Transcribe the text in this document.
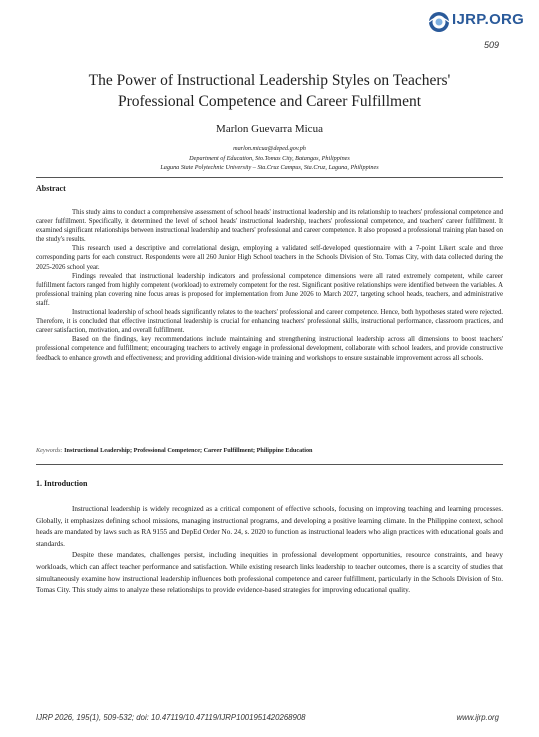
IJRP.ORG
509
The Power of Instructional Leadership Styles on Teachers'
Professional Competence and Career Fulfillment
Marlon Guevarra Micua
marlon.micua@deped.gov.ph
Department of Education, Sto.Tomas City, Batangas, Philippines
Laguna State Polytechnic University – Sta.Cruz Campus, Sta.Cruz, Laguna, Philippines
Abstract

This study aims to conduct a comprehensive assessment of school heads' instructional leadership and its relationship to teachers' professional competence and career fulfillment. Specifically, it determined the level of school heads' instructional leadership, teachers' professional competence, and teachers' career fulfillment. It examined significant relationships between instructional leadership and teachers' professional and career competence. It also proposed a professional training plan based on the study's results.

This research used a descriptive and correlational design, employing a validated self-developed questionnaire with a 7-point Likert scale and three corresponding parts for each construct. Respondents were all 260 Junior High School teachers in the Schools Division of Sto. Tomas City, with data collected during the 2025-2026 school year.

Findings revealed that instructional leadership indicators and professional competence dimensions were all rated extremely competent, while career fulfillment factors ranged from highly competent (workload) to extremely competent for the rest. Significant positive relationships were identified between the variables. A professional training plan covering nine focus areas is proposed for implementation from June 2026 to March 2027, targeting school heads, teachers, and administrative staff.

Instructional leadership of school heads significantly relates to the teachers' professional and career competence. Hence, both hypotheses stated were rejected. Therefore, it is concluded that effective instructional leadership is crucial for enhancing teachers' professional skills, instructional performance, classroom practices, and career satisfaction, motivation, and overall fulfillment.

Based on the findings, key recommendations include maintaining and strengthening instructional leadership across all dimensions to boost teachers' professional competence and fulfillment; encouraging teachers to actively engage in professional development, collaborate with school leaders, and provide constructive feedback to enhance growth and effectiveness; and providing additional division-wide training and workshops to ensure sustainable improvement across all schools.

Keywords: Instructional Leadership; Professional Competence; Career Fulfillment; Philippine Education
1. Introduction

Instructional leadership is widely recognized as a critical component of effective schools, focusing on improving teaching and learning processes. Globally, it emphasizes defining school missions, managing instructional programs, and developing a positive learning climate. In the Philippine context, school heads are mandated by laws such as RA 9155 and DepEd Order No. 24, s. 2020 to function as instructional leaders who align practices with educational goals and standards.

Despite these mandates, challenges persist, including inequities in professional development opportunities, resource constraints, and heavy workloads, which can affect teacher performance and satisfaction. While existing research links leadership to teacher outcomes, there is a scarcity of studies that simultaneously examine how instructional leadership influences both professional competence and career fulfillment, particularly in the Schools Division of Sto. Tomas City. This study aims to analyze these relationships to provide evidence-based strategies for improving educational quality.

IJRP 2026, 195(1), 509-532; doi: 10.47119/10.47119/IJRP1001951420268908	www.ijrp.org
